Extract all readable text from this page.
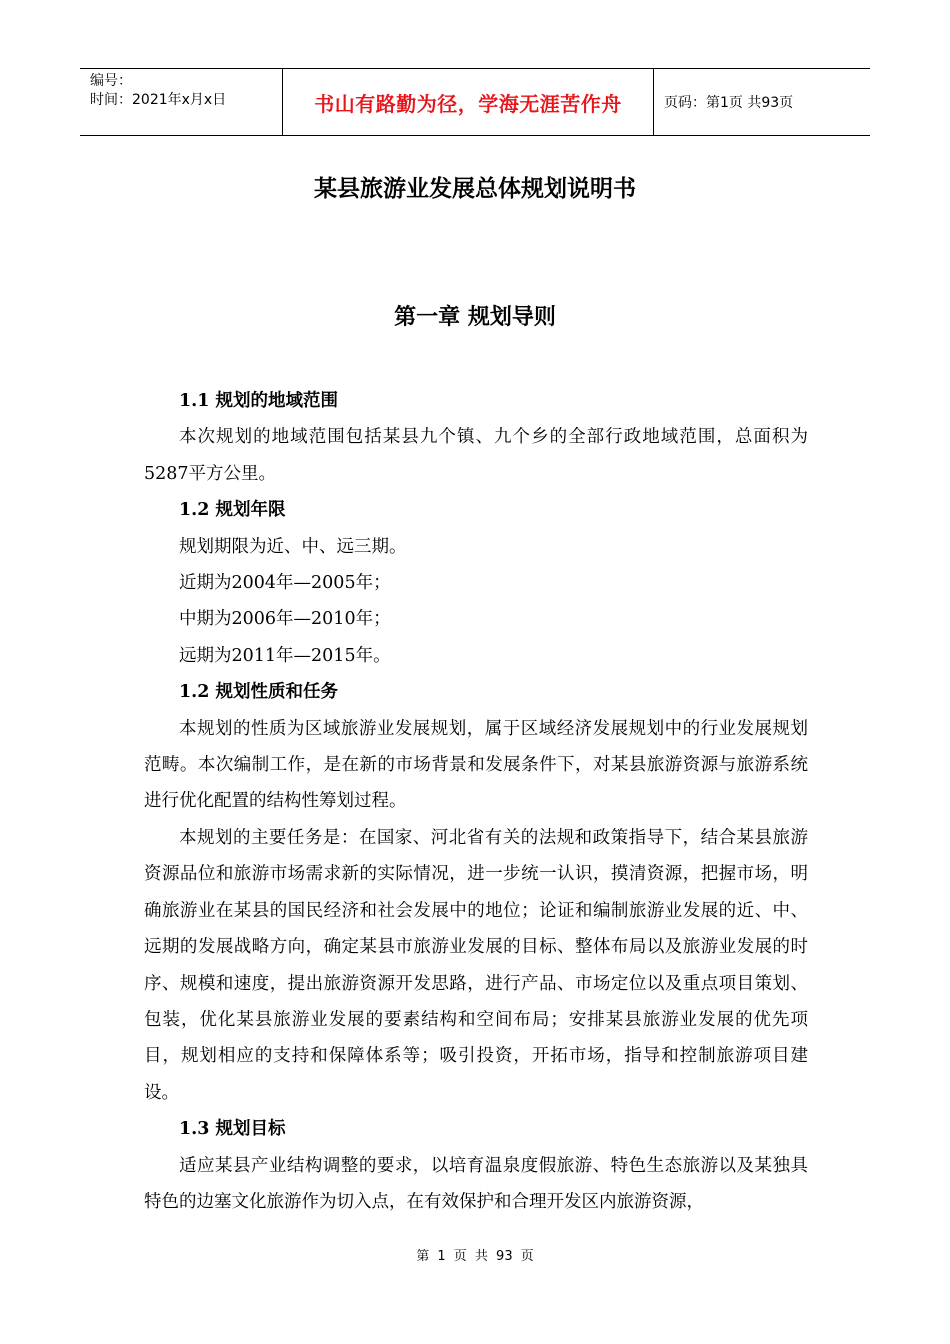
编号：
时间：2021年x月x日	书山有路勤为径，学海无涯苦作舟	页码：第1页 共93页
某县旅游业发展总体规划说明书
第一章 规划导则

1.1 规划的地域范围

本次规划的地域范围包括某县九个镇、九个乡的全部行政地域范围，总面积为5287平方公里。

1.2 规划年限

规划期限为近、中、远三期。

近期为2004年—2005年；

中期为2006年—2010年；

远期为2011年—2015年。

1.2 规划性质和任务

本规划的性质为区域旅游业发展规划，属于区域经济发展规划中的行业发展规划范畴。本次编制工作，是在新的市场背景和发展条件下，对某县旅游资源与旅游系统进行优化配置的结构性筹划过程。

本规划的主要任务是：在国家、河北省有关的法规和政策指导下，结合某县旅游资源品位和旅游市场需求新的实际情况，进一步统一认识，摸清资源，把握市场，明确旅游业在某县的国民经济和社会发展中的地位；论证和编制旅游业发展的近、中、远期的发展战略方向，确定某县市旅游业发展的目标、整体布局以及旅游业发展的时序、规模和速度，提出旅游资源开发思路，进行产品、市场定位以及重点项目策划、包装，优化某县旅游业发展的要素结构和空间布局；安排某县旅游业发展的优先项目，规划相应的支持和保障体系等；吸引投资，开拓市场，指导和控制旅游项目建设。

1.3 规划目标

适应某县产业结构调整的要求，以培育温泉度假旅游、特色生态旅游以及某独具特色的边塞文化旅游作为切入点，在有效保护和合理开发区内旅游资源，

第 1 页 共 93 页
